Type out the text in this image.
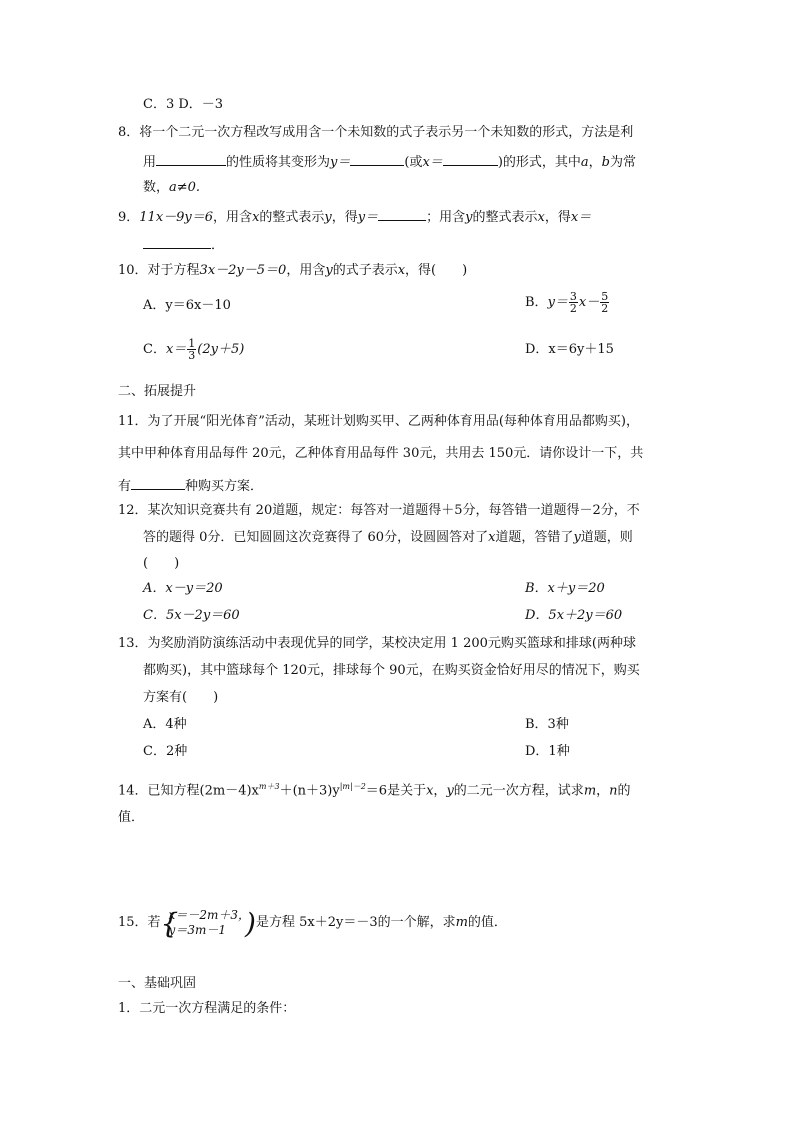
C．3 D．－3
8．将一个二元一次方程改写成用含一个未知数的式子表示另一个未知数的形式，方法是利
用	的性质将其变形为y＝	(或x＝	)的形式，其中a，b为常
数，a≠0.
9．11x－9y＝6，用含x的整式表示y，得y＝	；用含y的整式表示x，得x＝
．
10．对于方程3x－2y－5＝0，用含y的式子表示x，得(　　)
A．y＝6x－10	B．$y= \frac{3}{2} x- \frac{5}{2}$
C．$x= \frac{1}{3} (2y+5)$	D．x＝6y＋15
二、拓展提升
11．为了开展“阳光体育”活动，某班计划购买甲、乙两种体育用品(每种体育用品都购买)，
其中甲种体育用品每件 20元，乙种体育用品每件 30元，共用去 150元．请你设计一下，共
有	种购买方案．
12．某次知识竞赛共有 20道题，规定：每答对一道题得＋5分，每答错一道题得－2分，不
答的题得 0分．已知圆圆这次竞赛得了 60分，设圆圆答对了x道题，答错了y道题，则
(　　)
A．x－y＝20	B．x＋y＝20
C．5x－2y＝60	D．5x＋2y＝60
13．为奖励消防演练活动中表现优异的同学，某校决定用 1 200元购买篮球和排球(两种球
都购买)，其中篮球每个 120元，排球每个 90元，在购买资金恰好用尽的情况下，购买
方案有(　　)
A．4种	B．3种
C．2种	D．1种
14．已知方程$(2m-4)x^{m+3}+(n+3)y^{|m|-2}=6$是关于x，y的二元一次方程，试求m，n的
值．
15．若 {
x＝－2m＋3，
y＝3m－1 ) 是方程 5x＋2y＝－3的一个解，求m的值．
一、基础巩固
1．二元一次方程满足的条件：
